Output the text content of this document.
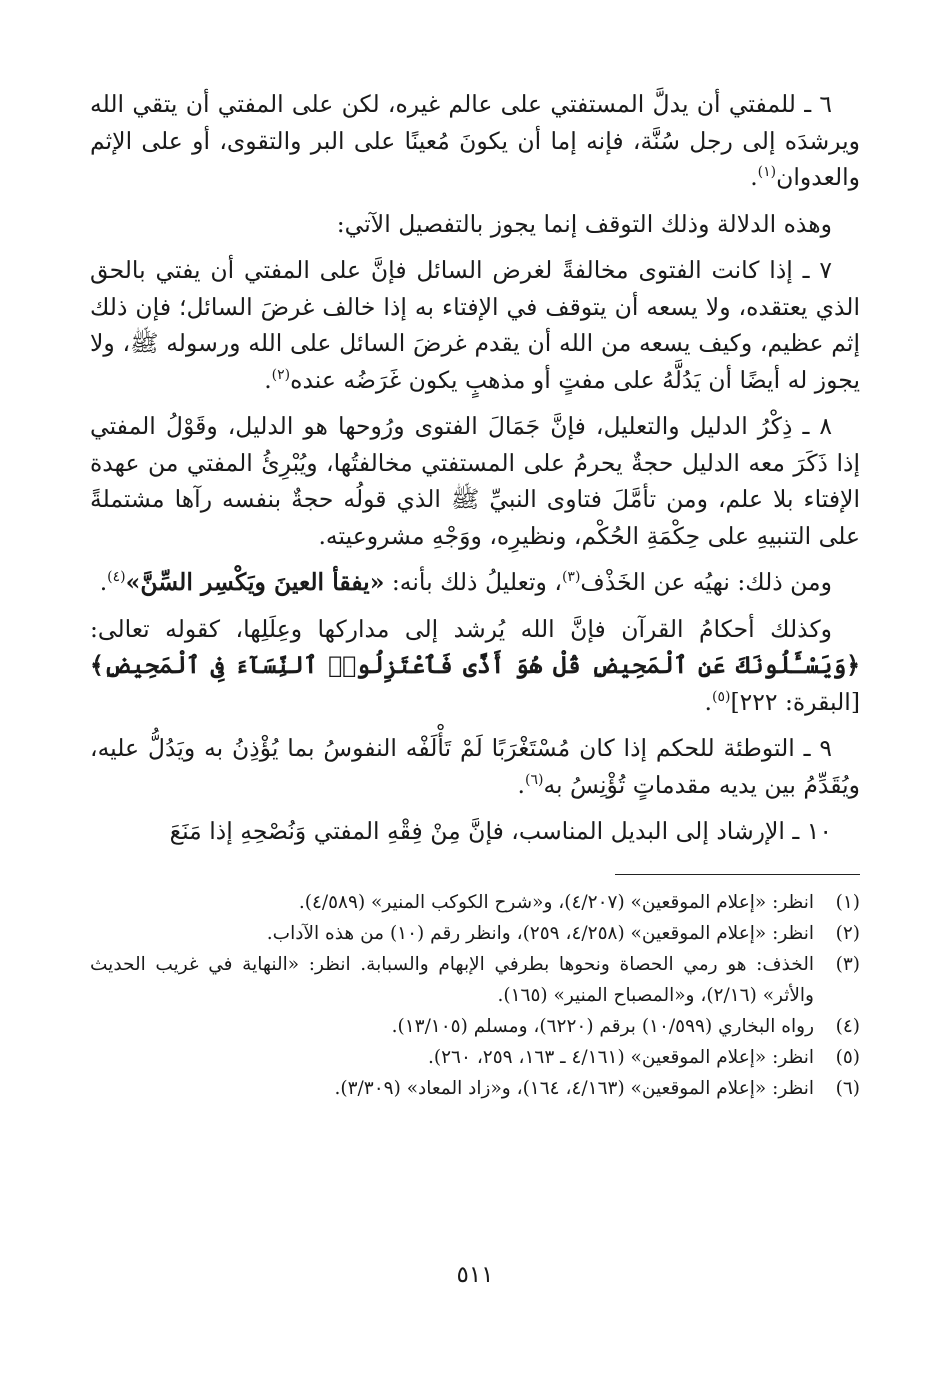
٦ ـ للمفتي أن يدلَّ المستفتي على عالم غيره، لكن على المفتي أن يتقي الله ويرشدَه إلى رجل سُنَّة، فإنه إما أن يكونَ مُعينًا على البر والتقوى، أو على الإثم والعدوان$^{(١)}$.

وهذه الدلالة وذلك التوقف إنما يجوز بالتفصيل الآتي:

٧ ـ إذا كانت الفتوى مخالفةً لغرض السائل فإنَّ على المفتي أن يفتي بالحق الذي يعتقده، ولا يسعه أن يتوقف في الإفتاء به إذا خالف غرضَ السائل؛ فإن ذلك إثم عظيم، وكيف يسعه من الله أن يقدم غرضَ السائل على الله ورسوله ﷺ، ولا يجوز له أيضًا أن يَدُلَّهُ على مفتٍ أو مذهبٍ يكون غَرَضُه عنده$^{(٢)}$.

٨ ـ ذِكْرُ الدليل والتعليل، فإنَّ جَمَالَ الفتوى ورُوحها هو الدليل، وقَوْلُ المفتي إذا ذَكَرَ معه الدليل حجةٌ يحرمُ على المستفتي مخالفتُها، ويُبْرِئُ المفتي من عهدة الإفتاء بلا علم، ومن تأمَّلَ فتاوى النبيِّ ﷺ الذي قولُه حجةٌ بنفسه رآها مشتملةً على التنبيهِ على حِكْمَةِ الحُكْم، ونظيرِه، ووَجْهِ مشروعيته.

ومن ذلك: نهيُه عن الخَذْف$^{(٣)}$، وتعليلُ ذلك بأنه: «يفقأ العينَ ويَكْسِر السِّنَّ»$^{(٤)}$.

وكذلك أحكامُ القرآن فإنَّ الله يُرشد إلى مداركها وعِلَلِها، كقوله تعالى: ﴿وَيَسْـَٔلُونَكَ عَنِ ٱلْمَحِيضِ قُلْ هُوَ أَذًى فَٱعْتَزِلُوا۟ ٱلنِّسَآءَ فِى ٱلْمَحِيضِ﴾ [البقرة: ٢٢٢]$^{(٥)}$.

٩ ـ التوطئة للحكم إذا كان مُسْتَغْرَبًا لَمْ تَأْلَفْه النفوسُ بما يُؤْذِنُ به ويَدُلُّ عليه، ويُقَدِّمُ بين يديه مقدماتٍ تُؤْنِسُ به$^{(٦)}$.

١٠ ـ الإرشاد إلى البديل المناسب، فإنَّ مِنْ فِقْهِ المفتي وَنُصْحِهِ إذا مَنَعَ

(١)
انظر: «إعلام الموقعين» (٤/٢٠٧)، و«شرح الكوكب المنير» (٤/٥٨٩).
(٢)
انظر: «إعلام الموقعين» (٤/٢٥٨، ٢٥٩)، وانظر رقم (١٠) من هذه الآداب.
(٣)
الخذف: هو رمي الحصاة ونحوها بطرفي الإبهام والسبابة. انظر: «النهاية في غريب الحديث والأثر» (٢/١٦)، و«المصباح المنير» (١٦٥).
(٤)
رواه البخاري (١٠/٥٩٩) برقم (٦٢٢٠)، ومسلم (١٣/١٠٥).
(٥)
انظر: «إعلام الموقعين» (٤/١٦١ ـ ١٦٣، ٢٥٩، ٢٦٠).
(٦)
انظر: «إعلام الموقعين» (٤/١٦٣، ١٦٤)، و«زاد المعاد» (٣/٣٠٩).
٥١١
